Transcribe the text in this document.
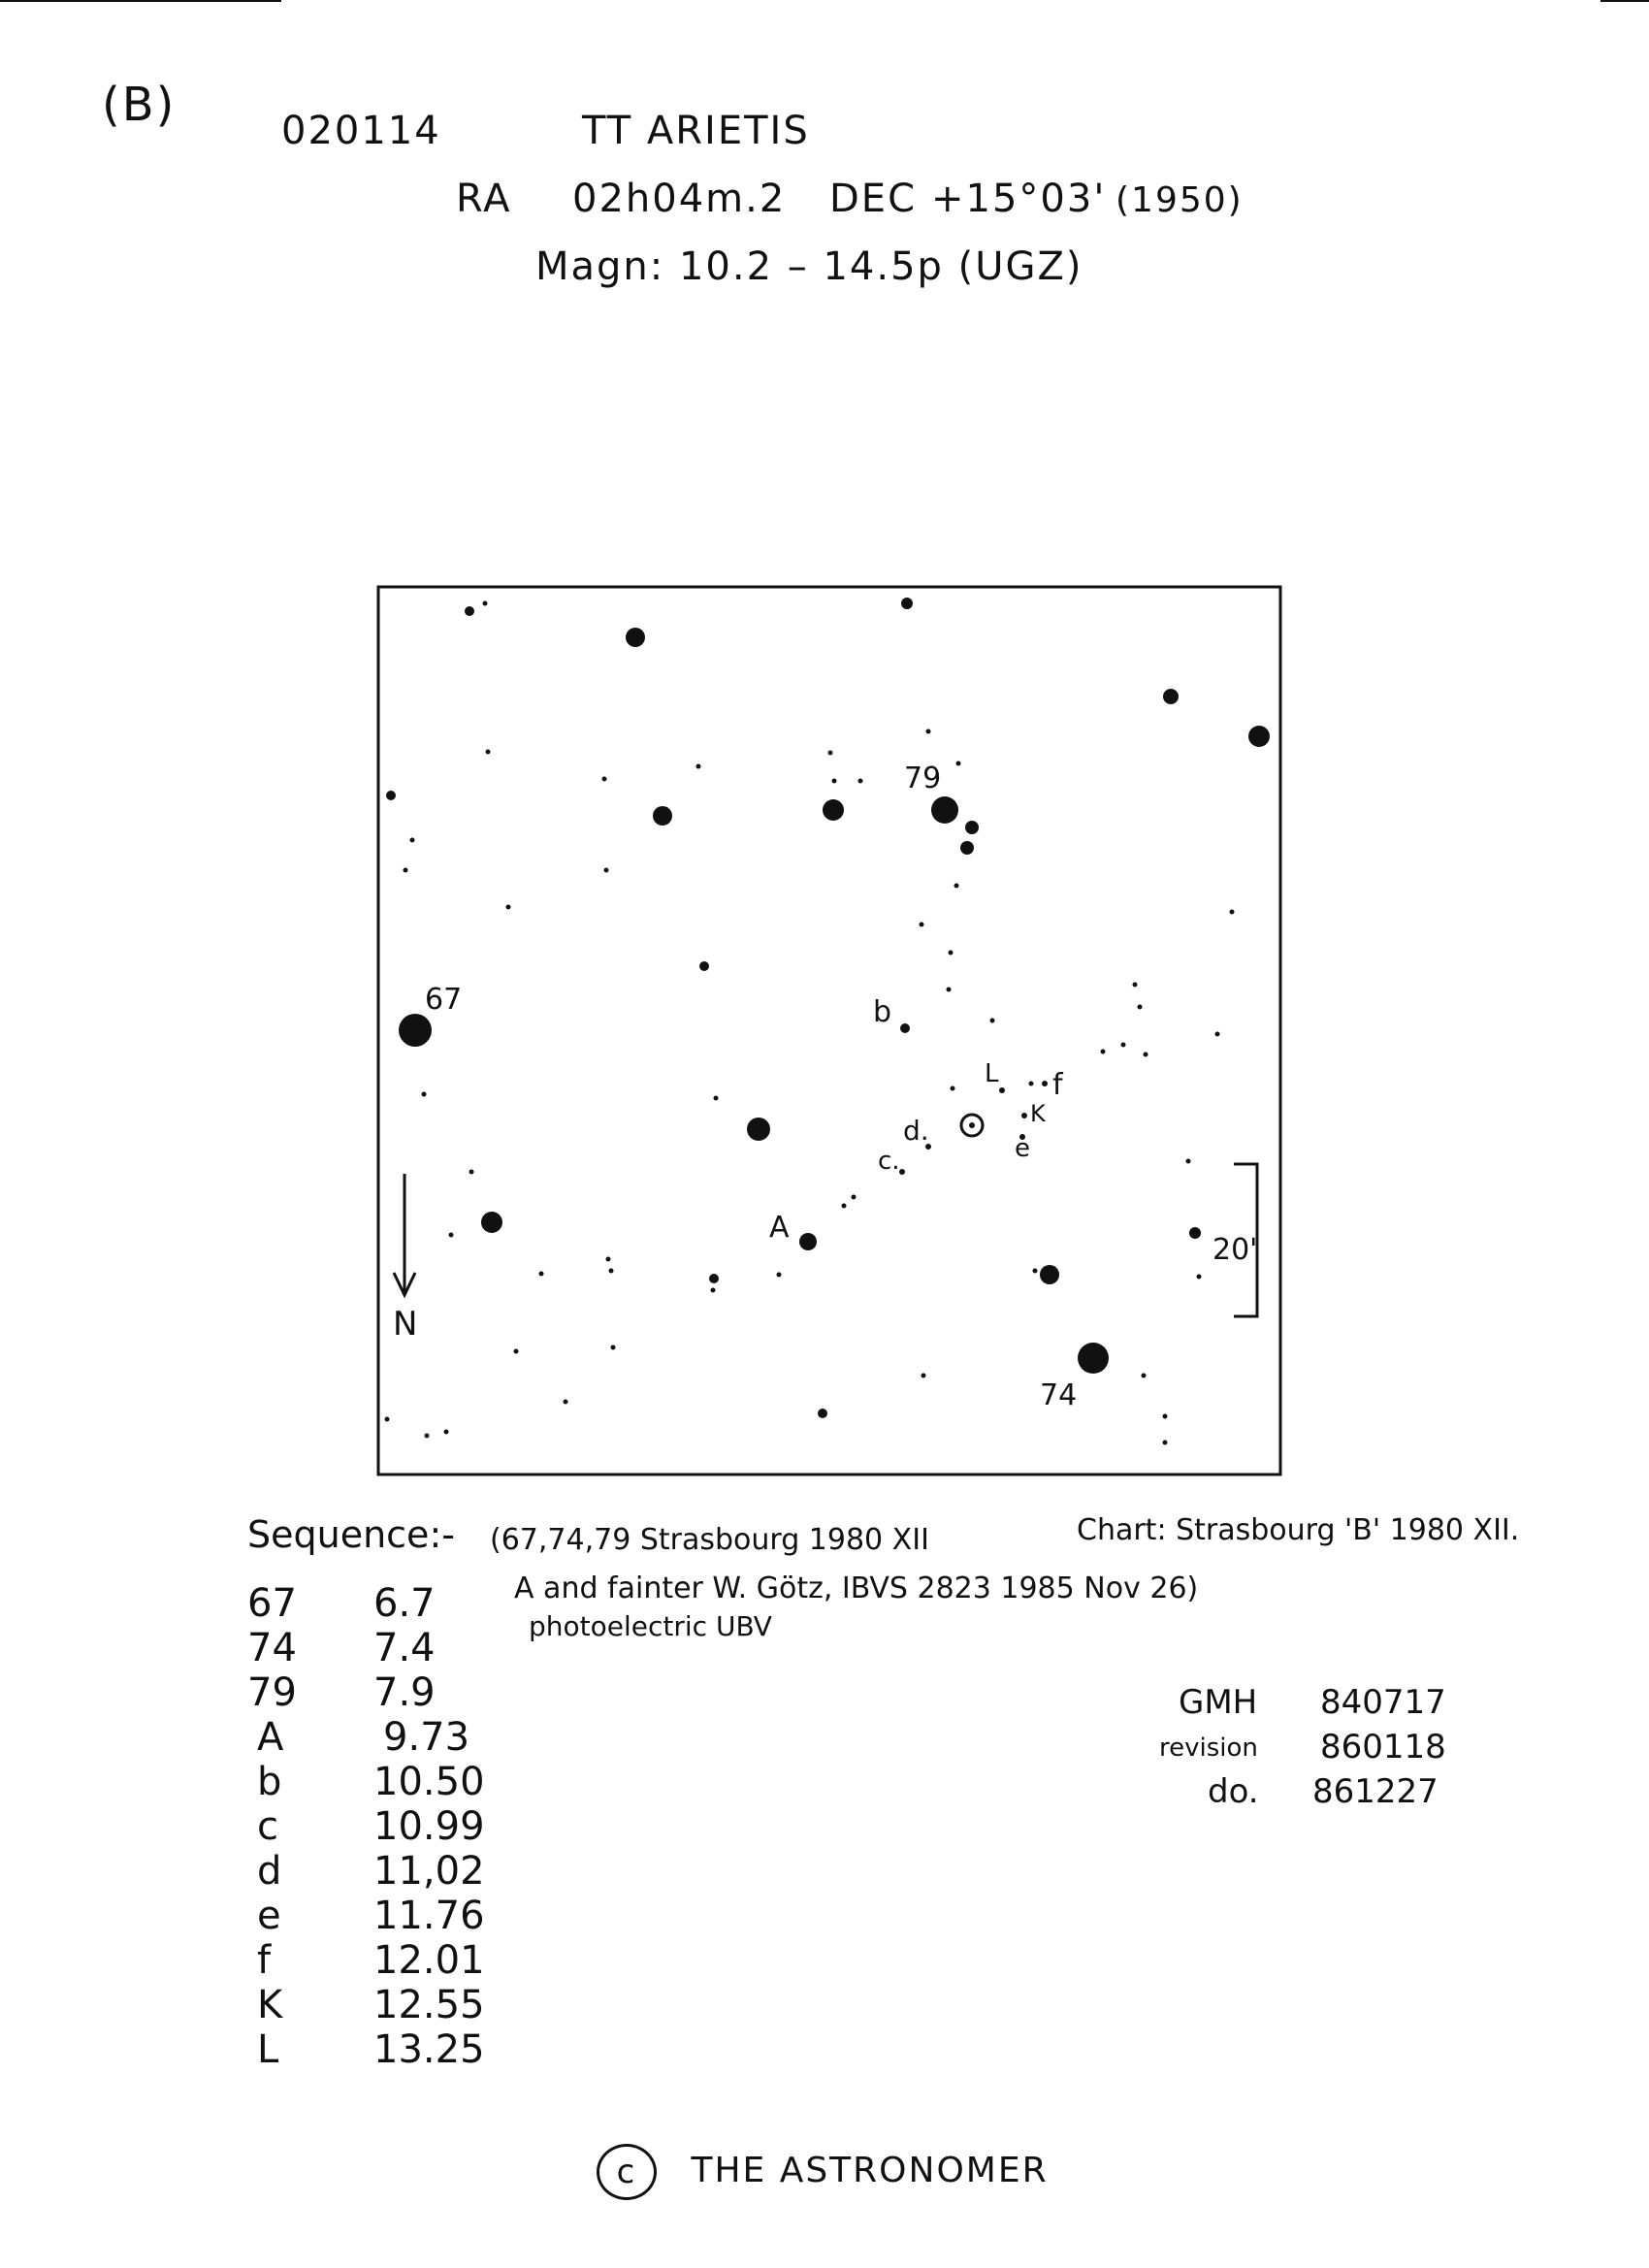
(B)	020114	TT ARIETIS
RA 02h04m.2 DEC +15°03' (1950)
Magn: 10.2 – 14.5p (UGZ)
79
67
74
A
b
c.
d.
e
f
K
L
N
20'
Sequence:- (67,74,79 Strasbourg 1980 XII	Chart: Strasbourg 'B' 1980 XII.
A and fainter W. Götz, IBVS 2823 1985 Nov 26)
photoelectric UBV
67	6.7
74	7.4
79	7.9
A	9.73
b	10.50
c	10.99
d	11,02
e	11.76
f	12.01
K	12.55
L	13.25
GMH 840717
revision 860118
do. 861227
c THE ASTRONOMER
